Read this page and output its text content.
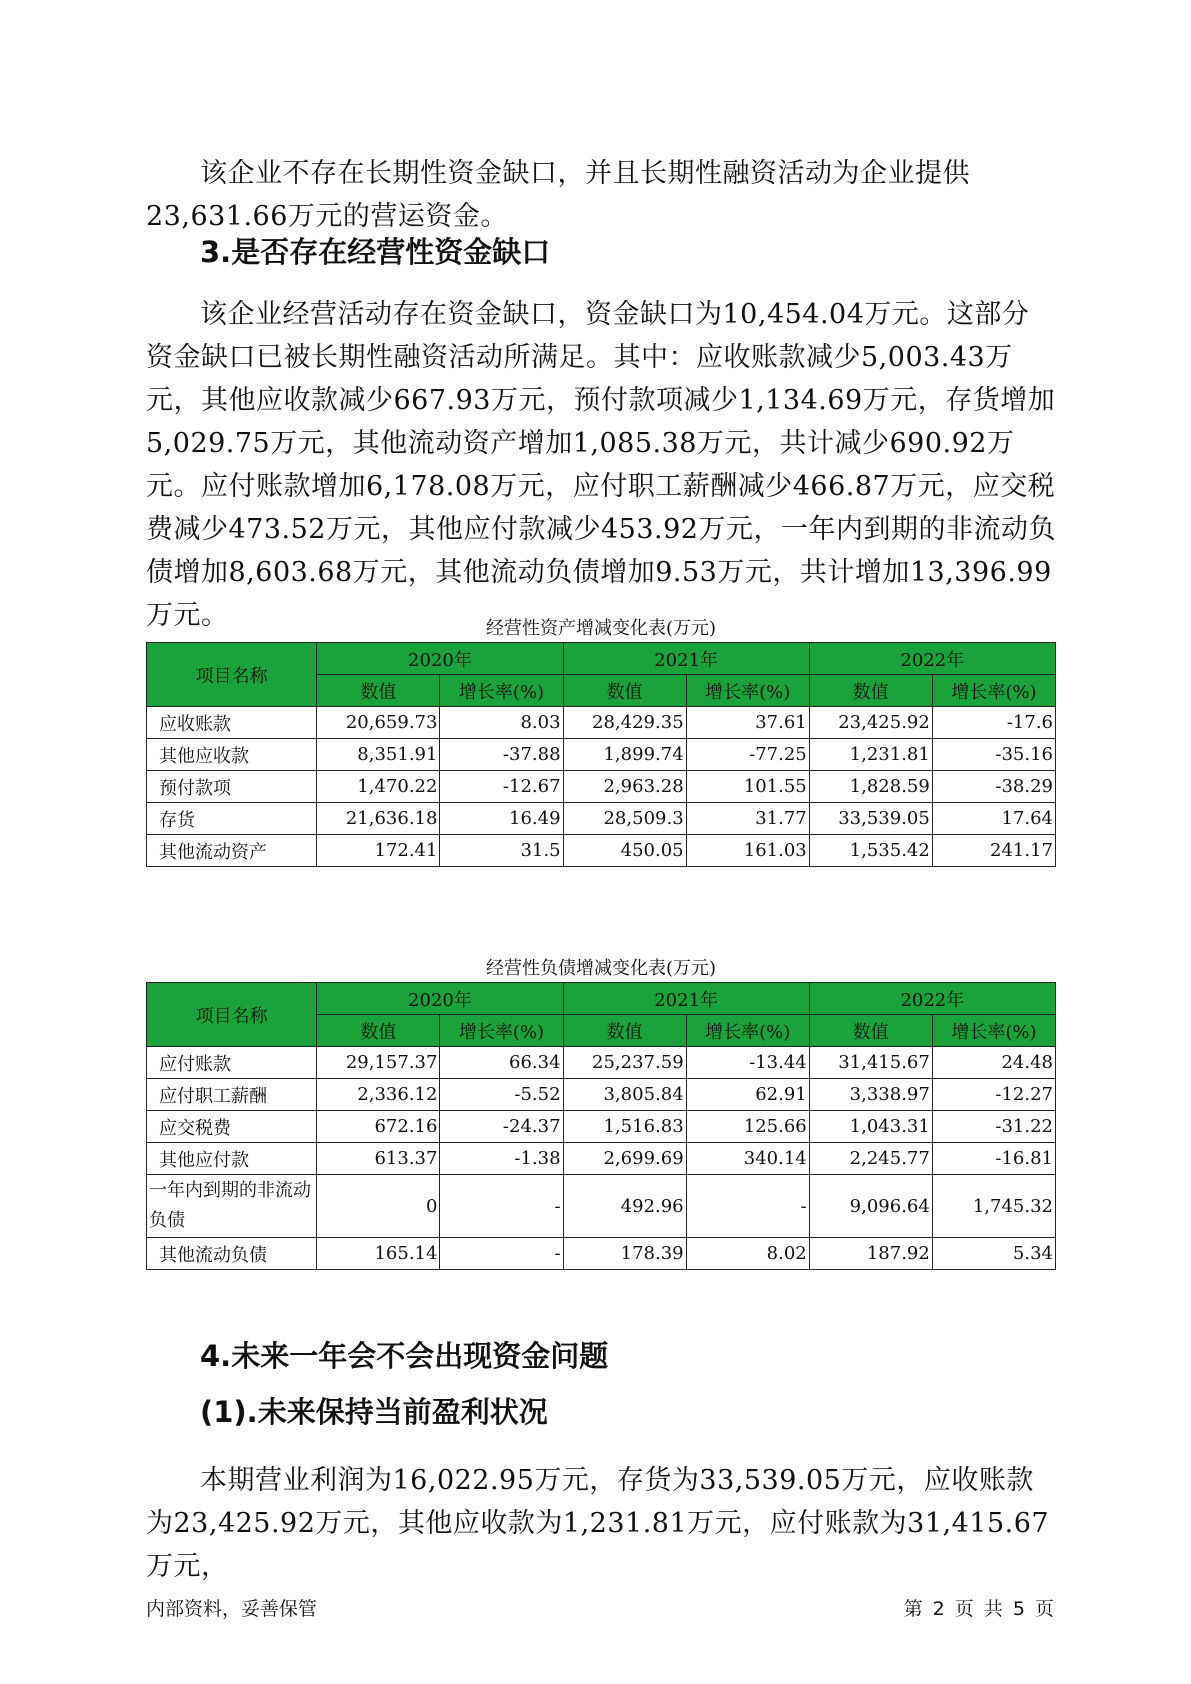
该企业不存在长期性资金缺口，并且长期性融资活动为企业提供23,631.66万元的营运资金。

3.是否存在经营性资金缺口

该企业经营活动存在资金缺口，资金缺口为10,454.04万元。这部分资金缺口已被长期性融资活动所满足。其中：应收账款减少5,003.43万元，其他应收款减少667.93万元，预付款项减少1,134.69万元，存货增加5,029.75万元，其他流动资产增加1,085.38万元，共计减少690.92万元。应付账款增加6,178.08万元，应付职工薪酬减少466.87万元，应交税费减少473.52万元，其他应付款减少453.92万元，一年内到期的非流动负债增加8,603.68万元，其他流动负债增加9.53万元，共计增加13,396.99万元。	经营性资产增减变化表(万元)

项目名称	2020年		2021年		2022年	
	数值	增长率(%)	数值	增长率(%)	数值	增长率(%)
应收账款	20,659.73	8.03	28,429.35	37.61	23,425.92	-17.6
其他应收款	8,351.91	-37.88	1,899.74	-77.25	1,231.81	-35.16
预付款项	1,470.22	-12.67	2,963.28	101.55	1,828.59	-38.29
存货	21,636.18	16.49	28,509.3	31.77	33,539.05	17.64
其他流动资产	172.41	31.5	450.05	161.03	1,535.42	241.17

经营性负债增减变化表(万元)

项目名称	2020年		2021年		2022年	
	数值	增长率(%)	数值	增长率(%)	数值	增长率(%)
应付账款	29,157.37	66.34	25,237.59	-13.44	31,415.67	24.48
应付职工薪酬	2,336.12	-5.52	3,805.84	62.91	3,338.97	-12.27
应交税费	672.16	-24.37	1,516.83	125.66	1,043.31	-31.22
其他应付款	613.37	-1.38	2,699.69	340.14	2,245.77	-16.81
一年内到期的非流动负债	0	-	492.96	-	9,096.64	1,745.32
其他流动负债	165.14	-	178.39	8.02	187.92	5.34
4.未来一年会不会出现资金问题
(1).未来保持当前盈利状况

本期营业利润为16,022.95万元，存货为33,539.05万元，应收账款为23,425.92万元，其他应收款为1,231.81万元，应付账款为31,415.67万元，

内部资料，妥善保管	第 2 页 共 5 页
